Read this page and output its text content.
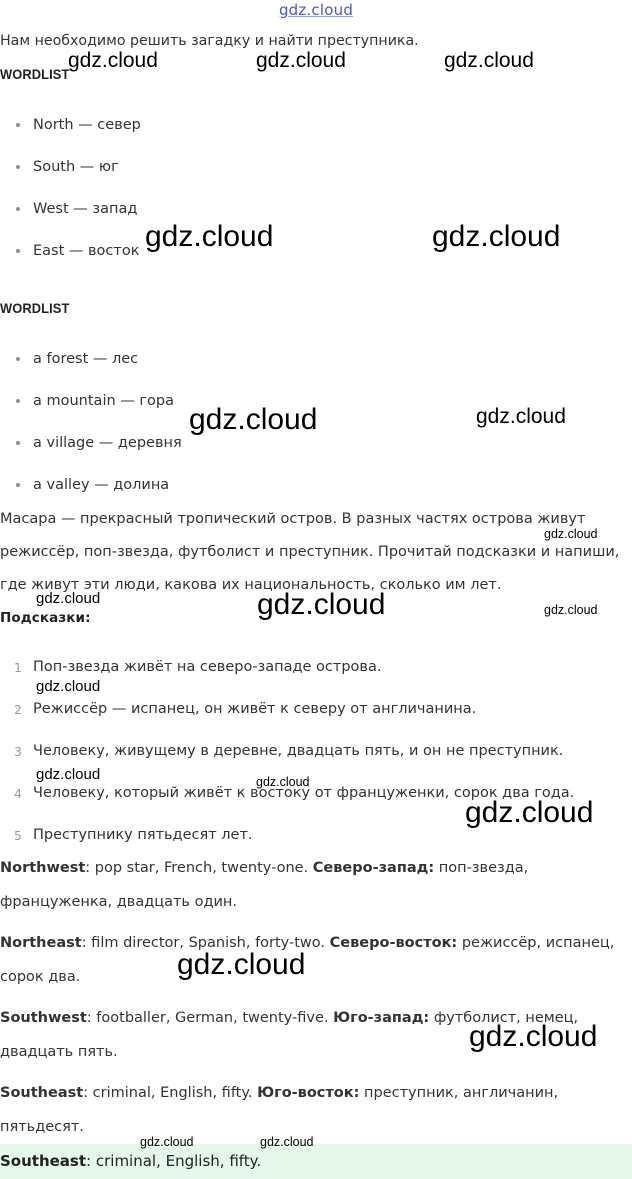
gdz.cloud
Нам необходимо решить загадку и найти преступника.
WORDLIST
North — север
South — юг
West — запад
East — восток
WORDLIST
a forest — лес
a mountain — гора
a village — деревня
a valley — долина
Масара — прекрасный тропический остров. В разных частях острова живут режиссёр, поп-звезда, футболист и преступник. Прочитай подсказки и напиши, где живут эти люди, какова их национальность, сколько им лет.
Подсказки:
1 Поп-звезда живёт на северо-западе острова.
2 Режиссёр — испанец, он живёт к северу от англичанина.
3 Человеку, живущему в деревне, двадцать пять, и он не преступник.
4 Человеку, который живёт к востоку от француженки, сорок два года.
5 Преступнику пятьдесят лет.
Northwest: pop star, French, twenty-one. Северо-запад: поп-звезда, француженка, двадцать один.
Northeast: film director, Spanish, forty-two. Северо-восток: режиссёр, испанец, сорок два.
Southwest: footballer, German, twenty-five. Юго-запад: футболист, немец, двадцать пять.
Southeast: criminal, English, fifty. Юго-восток: преступник, англичанин, пятьдесят.
Southeast: criminal, English, fifty.
gdz.cloud	gdz.cloud	gdz.cloud
gdz.cloud	gdz.cloud
gdz.cloud	gdz.cloud
gdz.cloud
gdz.cloud	gdz.cloud	gdz.cloud
gdz.cloud
gdz.cloud	gdz.cloud
gdz.cloud
gdz.cloud
gdz.cloud
gdz.cloud	gdz.cloud
